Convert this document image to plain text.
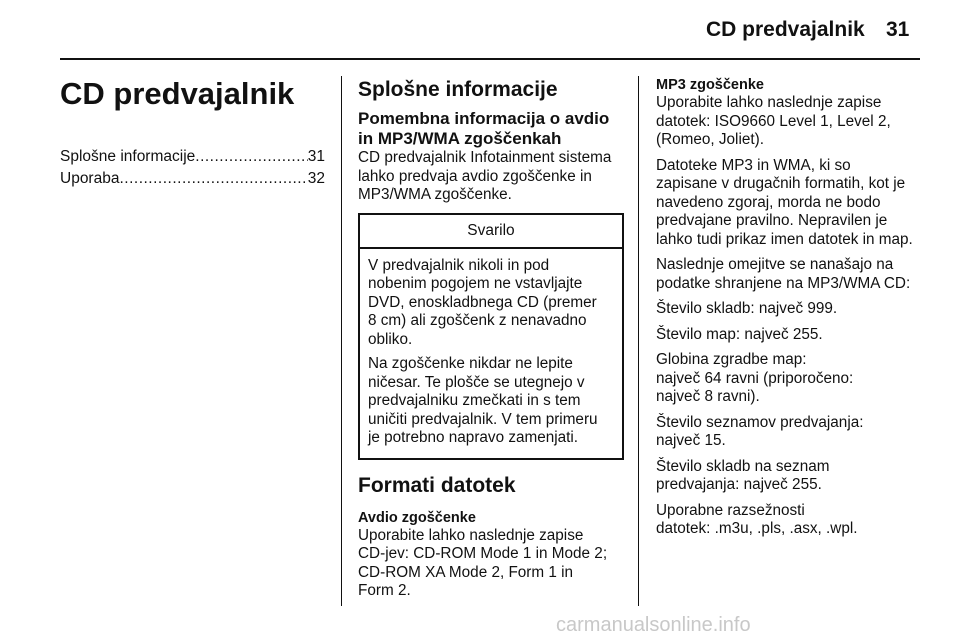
CD predvajalnik 31
CD predvajalnik
Splošne informacije .....	31
Uporaba .....	32
Splošne informacije
Pomembna informacija o avdio
in MP3/WMA zgoščenkah

CD predvajalnik Infotainment sistema
lahko predvaja avdio zgoščenke in
MP3/WMA zgoščenke.

Svarilo

V predvajalnik nikoli in pod
nobenim pogojem ne vstavljajte
DVD, enoskladbnega CD (premer
8 cm) ali zgoščenk z nenavadno
obliko.

Na zgoščenke nikdar ne lepite
ničesar. Te plošče se utegnejo v
predvajalniku zmečkati in s tem
uničiti predvajalnik. V tem primeru
je potrebno napravo zamenjati.

Formati datotek
Avdio zgoščenke

Uporabite lahko naslednje zapise
CD-jev: CD-ROM Mode 1 in Mode 2;
CD-ROM XA Mode 2, Form 1 in
Form 2.

MP3 zgoščenke

Uporabite lahko naslednje zapise
datotek: ISO9660 Level 1, Level 2,
(Romeo, Joliet).

Datoteke MP3 in WMA, ki so
zapisane v drugačnih formatih, kot je
navedeno zgoraj, morda ne bodo
predvajane pravilno. Nepravilen je
lahko tudi prikaz imen datotek in map.

Naslednje omejitve se nanašajo na
podatke shranjene na MP3/WMA CD:

Število skladb: največ 999.

Število map: največ 255.

Globina zgradbe map:
največ 64 ravni (priporočeno:
največ 8 ravni).

Število seznamov predvajanja:
največ 15.

Število skladb na seznam
predvajanja: največ 255.

Uporabne razsežnosti
datotek: .m3u, .pls, .asx, .wpl.

carmanualsonline.info
